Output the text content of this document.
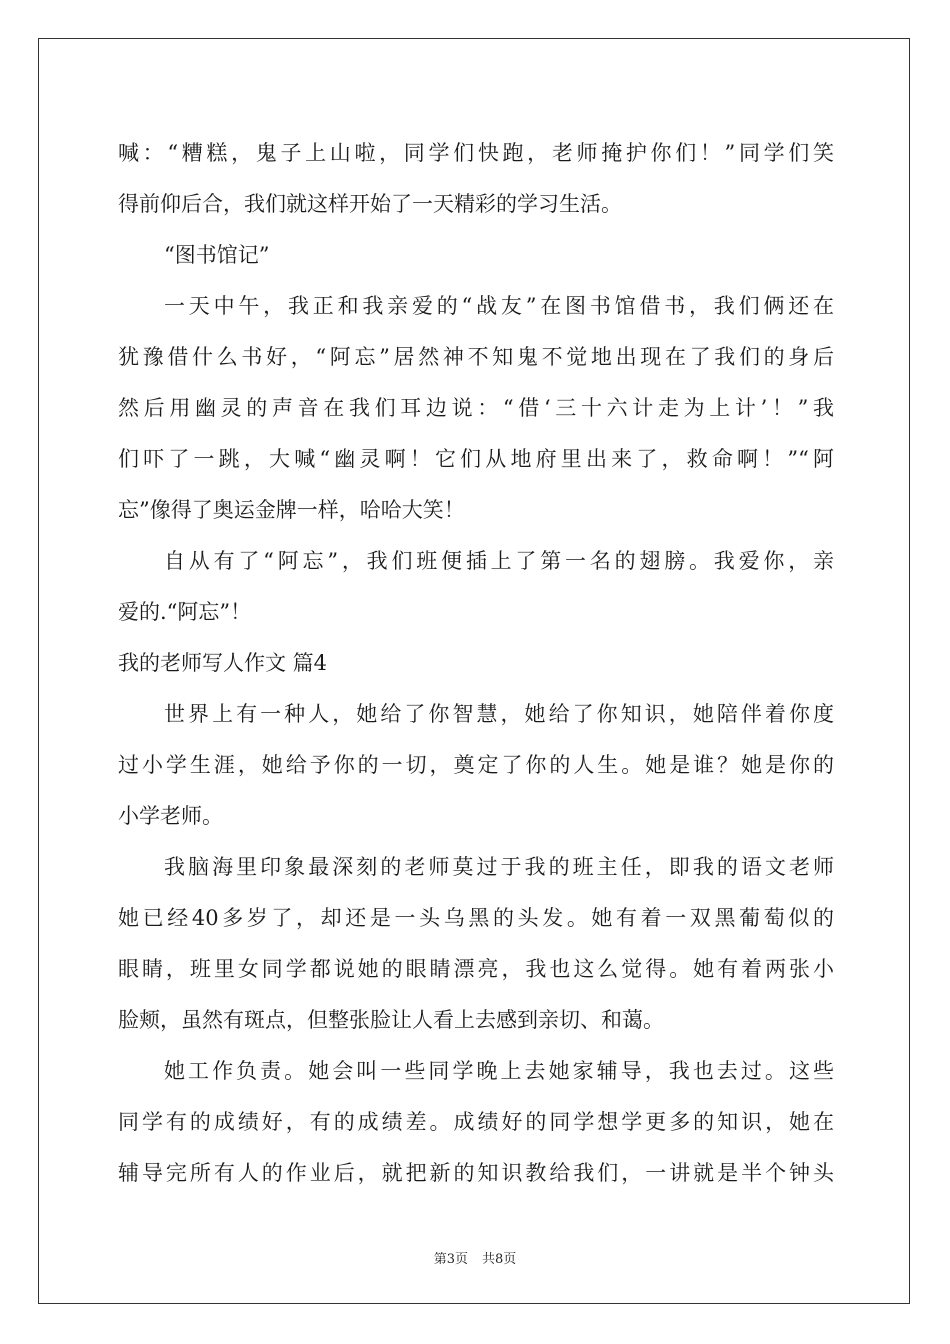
喊：“糟糕，鬼子上山啦，同学们快跑，老师掩护你们！”同学们笑
得前仰后合，我们就这样开始了一天精彩的学习生活。
“图书馆记”
一天中午，我正和我亲爱的“战友”在图书馆借书，我们俩还在
犹豫借什么书好，“阿忘”居然神不知鬼不觉地出现在了我们的身后
然后用幽灵的声音在我们耳边说：“借‘三十六计走为上计’！”我
们吓了一跳，大喊“幽灵啊！它们从地府里出来了，救命啊！”“阿
忘”像得了奥运金牌一样，哈哈大笑！
自从有了“阿忘”，我们班便插上了第一名的翅膀。我爱你，亲
爱的.“阿忘”！
我的老师写人作文 篇4
世界上有一种人，她给了你智慧，她给了你知识，她陪伴着你度
过小学生涯，她给予你的一切，奠定了你的人生。她是谁？她是你的
小学老师。
我脑海里印象最深刻的老师莫过于我的班主任，即我的语文老师
她已经40多岁了，却还是一头乌黑的头发。她有着一双黑葡萄似的
眼睛，班里女同学都说她的眼睛漂亮，我也这么觉得。她有着两张小
脸颊，虽然有斑点，但整张脸让人看上去感到亲切、和蔼。
她工作负责。她会叫一些同学晚上去她家辅导，我也去过。这些
同学有的成绩好，有的成绩差。成绩好的同学想学更多的知识，她在
辅导完所有人的作业后，就把新的知识教给我们，一讲就是半个钟头
第3页 共8页
